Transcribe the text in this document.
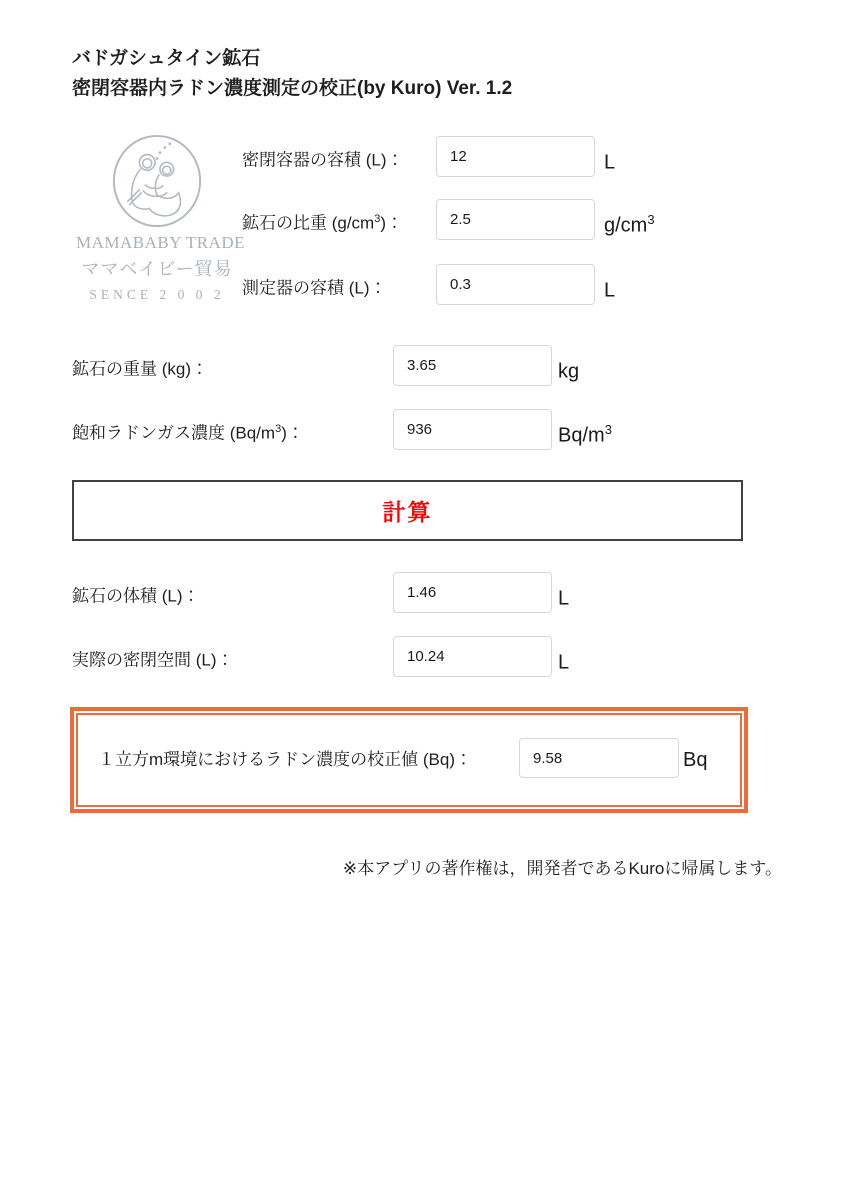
バドガシュタイン鉱石
密閉容器内ラドン濃度測定の校正(by Kuro) Ver. 1.2
MAMABABY TRADE
ママベイビー貿易
SENCE 2 0 0 2
密閉容器の容積 (L)：
12	L
鉱石の比重 $(g/cm^3)$：
2.5	$g/cm^3$
測定器の容積 (L)：
0.3	L
鉱石の重量 (kg)：
3.65	kg
飽和ラドンガス濃度 $(Bq/m^3)$：
936	$Bq/m^3$
計算
鉱石の体積 (L)：
1.46	L
実際の密閉空間 (L)：
10.24	L
１立方m環境におけるラドン濃度の校正値 (Bq)：
9.58	Bq
※本アプリの著作権は，開発者であるKuroに帰属します。
